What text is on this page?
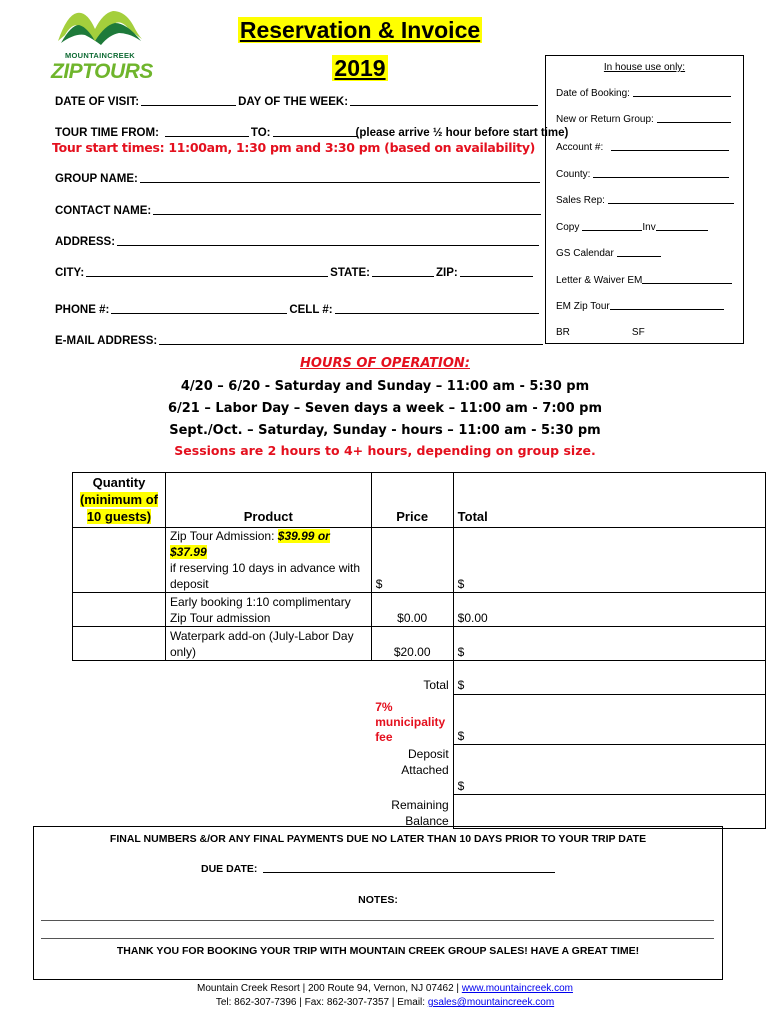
MOUNTAINCREEK
ZIPTOURS
Reservation & Invoice
2019
DATE OF VISIT:	DAY OF THE WEEK:
TOUR TIME FROM:	TO:	(please arrive ½ hour before start time)
Tour start times: 11:00am, 1:30 pm and 3:30 pm (based on availability)
GROUP NAME:
CONTACT NAME:
ADDRESS:
CITY:	STATE:	ZIP:
PHONE #:	CELL #:
E-MAIL ADDRESS:
In house use only:
Date of Booking:
New or Return Group:
Account #:
County:
Sales Rep:
Copy	Inv
GS Calendar
Letter & Waiver EM
EM Zip Tour
BR	SF
HOURS OF OPERATION:
4/20 – 6/20 - Saturday and Sunday – 11:00 am - 5:30 pm
6/21 – Labor Day – Seven days a week – 11:00 am - 7:00 pm
Sept./Oct. – Saturday, Sunday - hours – 11:00 am - 5:30 pm
Sessions are 2 hours to 4+ hours, depending on group size.
Quantity
(minimum of
10 guests)	Product	Price	Total

	Zip Tour Admission: $39.99 or $37.99
if reserving 10 days in advance with deposit	$	$
	Early booking 1:10 complimentary Zip Tour admission	$0.00	$0.00
	Waterpark add-on (July-Labor Day only)	$20.00	$
		Total	$

		7%
municipality
fee	$

		Deposit
Attached	$

		Remaining
Balance	

FINAL NUMBERS &/OR ANY FINAL PAYMENTS DUE NO LATER THAN 10 DAYS PRIOR TO YOUR TRIP DATE
DUE DATE:
NOTES:
THANK YOU FOR BOOKING YOUR TRIP WITH MOUNTAIN CREEK GROUP SALES! HAVE A GREAT TIME!
Mountain Creek Resort | 200 Route 94, Vernon, NJ 07462 | www.mountaincreek.com
Tel: 862-307-7396 | Fax: 862-307-7357 | Email: gsales@mountaincreek.com
